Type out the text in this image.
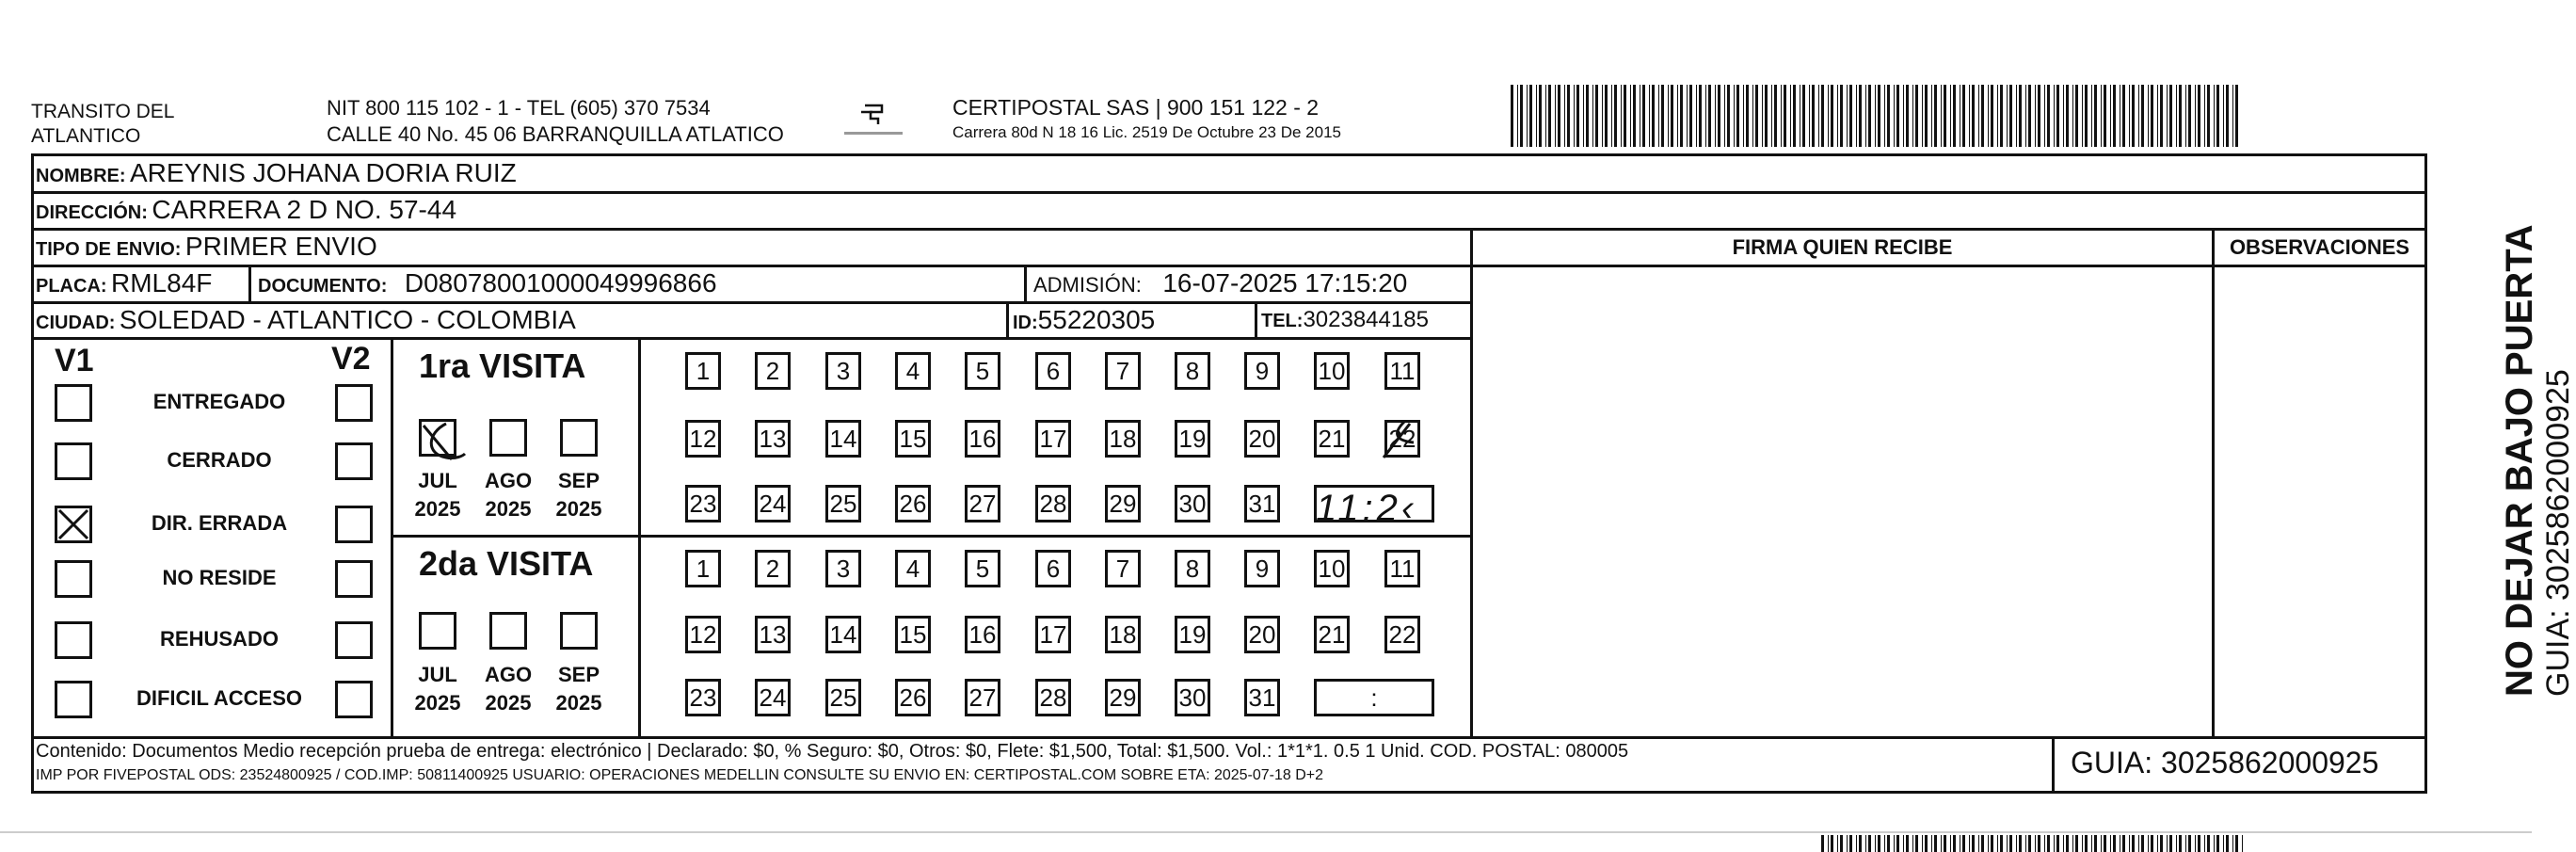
TRANSITO DEL
ATLANTICO
NIT 800 115 102 - 1 - TEL (605) 370 7534
CALLE 40 No. 45 06 BARRANQUILLA ATLATICO
CERTIPOSTAL SAS | 900 151 122 - 2
Carrera 80d N 18 16 Lic. 2519 De Octubre 23 De 2015
NOMBRE: AREYNIS JOHANA DORIA RUIZ
DIRECCIÓN: CARRERA 2 D NO. 57-44
TIPO DE ENVIO: PRIMER ENVIO	FIRMA QUIEN RECIBE	OBSERVACIONES
PLACA: RML84F DOCUMENTO: D08078001000049996866	ADMISIÓN: 16-07-2025 17:15:20
CIUDAD: SOLEDAD - ATLANTICO - COLOMBIA	ID:55220305	TEL:3023844185
V1	V2
ENTREGADO
CERRADO
DIR. ERRADA
NO RESIDE
REHUSADO
DIFICIL ACCESO
1ra VISITA
2da VISITA
JUL
2025
AGO
2025
SEP
2025
JUL
2025
AGO
2025
SEP
2025
1	2	3	4	5	6	7	8	9	10 11
12 13 14 15 16 17 18 19 20 21 22
23 24 25 26 27 28 29 30 31
1	2	3	4	5	6	7	8	9	10 11
12 13 14 15 16 17 18 19 20 21 22
23 24 25 26 27 28 29 30 31	:
11:2‹
Contenido: Documentos Medio recepción prueba de entrega: electrónico | Declarado: $0, % Seguro: $0, Otros: $0, Flete: $1,500, Total: $1,500. Vol.: 1*1*1. 0.5 1 Unid. COD. POSTAL: 080005
IMP POR FIVEPOSTAL ODS: 23524800925 / COD.IMP: 50811400925 USUARIO: OPERACIONES MEDELLIN CONSULTE SU ENVIO EN: CERTIPOSTAL.COM SOBRE ETA: 2025-07-18 D+2	GUIA: 3025862000925
NO DEJAR BAJO PUERTA GUIA: 3025862000925
